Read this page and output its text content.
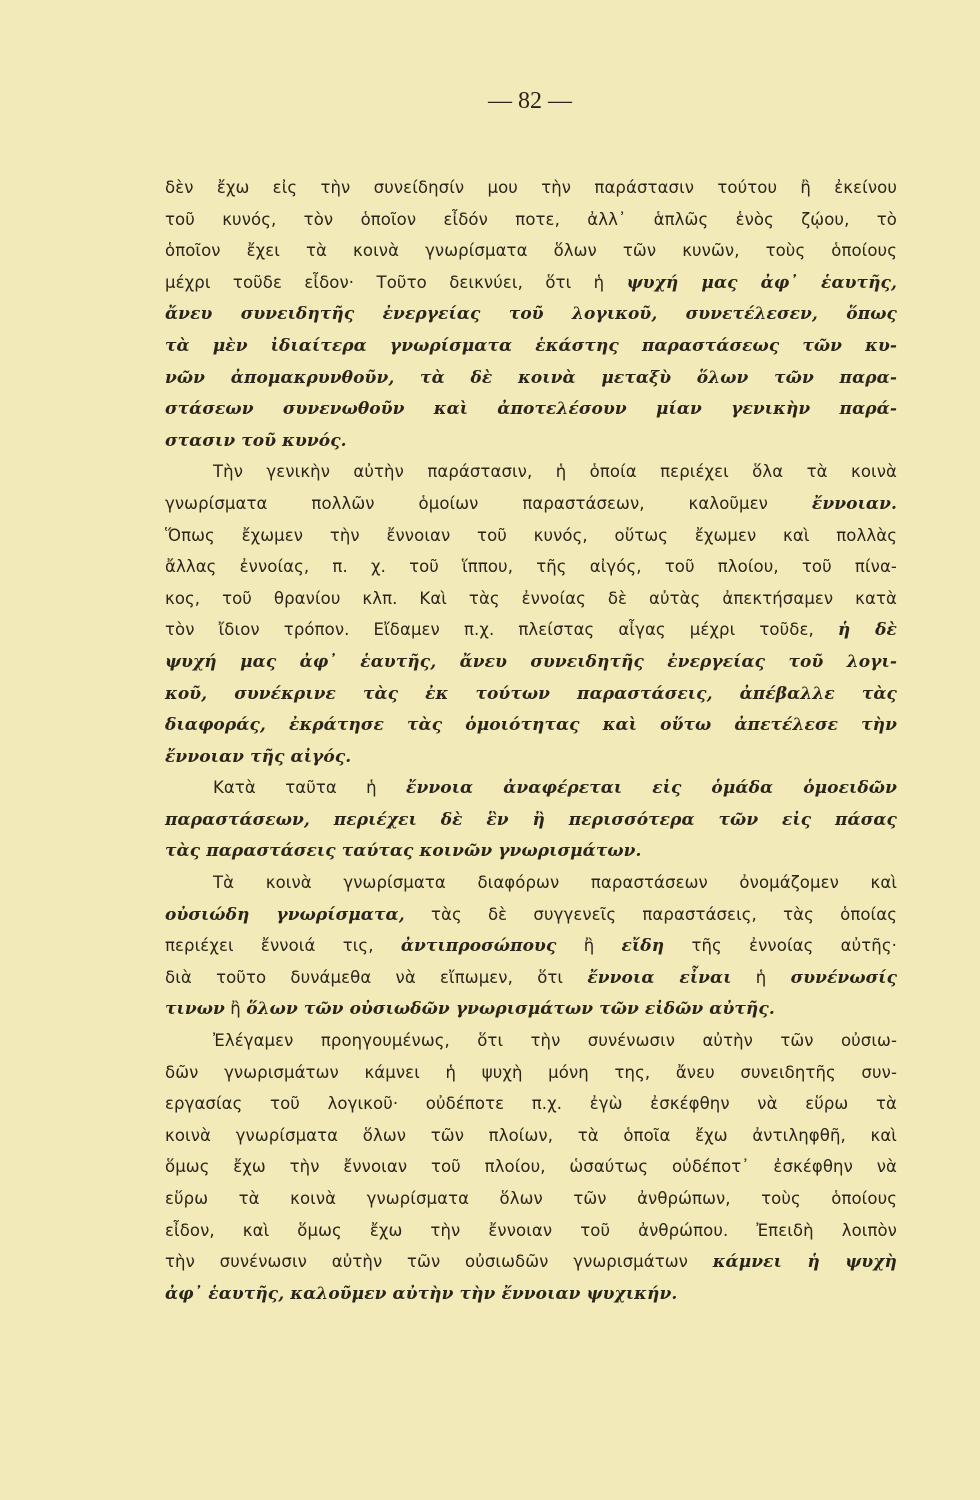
— 82 —
δὲν ἔχω εἰς τὴν συνείδησίν μου τὴν παράστασιν τούτου ἢ ἐκείνου
τοῦ κυνός, τὸν ὁποῖον εἶδόν ποτε, ἀλλ᾽ ἁπλῶς ἑνὸς ζῴου, τὸ
ὁποῖον ἔχει τὰ κοινὰ γνωρίσματα ὅλων τῶν κυνῶν, τοὺς ὁποίους
μέχρι τοῦδε εἶδον· Τοῦτο δεικνύει, ὅτι ἡ ψυχή μας ἀφ᾽ ἑαυτῆς,
ἄνευ συνειδητῆς ἐνεργείας τοῦ λογικοῦ, συνετέλεσεν, ὅπως
τὰ μὲν ἰδιαίτερα γνωρίσματα ἑκάστης παραστάσεως τῶν κυ-
νῶν ἀπομακρυνθοῦν, τὰ δὲ κοινὰ μεταξὺ ὅλων τῶν παρα-
στάσεων συνενωθοῦν καὶ ἀποτελέσουν μίαν γενικὴν παρά-
στασιν τοῦ κυνός.
Τὴν γενικὴν αὐτὴν παράστασιν, ἡ ὁποία περιέχει ὅλα τὰ κοινὰ
γνωρίσματα πολλῶν ὁμοίων παραστάσεων, καλοῦμεν ἔννοιαν.
Ὅπως ἔχωμεν τὴν ἔννοιαν τοῦ κυνός, οὕτως ἔχωμεν καὶ πολλὰς
ἄλλας ἐννοίας, π. χ. τοῦ ἵππου, τῆς αἰγός, τοῦ πλοίου, τοῦ πίνα-
κος, τοῦ θρανίου κλπ. Καὶ τὰς ἐννοίας δὲ αὐτὰς ἀπεκτήσαμεν κατὰ
τὸν ἴδιον τρόπον. Εἴδαμεν π.χ. πλείστας αἶγας μέχρι τοῦδε, ἡ δὲ
ψυχή μας ἀφ᾽ ἑαυτῆς, ἄνευ συνειδητῆς ἐνεργείας τοῦ λογι-
κοῦ, συνέκρινε τὰς ἐκ τούτων παραστάσεις, ἀπέβαλλε τὰς
διαφοράς, ἐκράτησε τὰς ὁμοιότητας καὶ οὕτω ἀπετέλεσε τὴν
ἔννοιαν τῆς αἰγός.
Κατὰ ταῦτα ἡ ἔννοια ἀναφέρεται εἰς ὁμάδα ὁμοειδῶν
παραστάσεων, περιέχει δὲ ἓν ἢ περισσότερα τῶν εἰς πάσας
τὰς παραστάσεις ταύτας κοινῶν γνωρισμάτων.
Τὰ κοινὰ γνωρίσματα διαφόρων παραστάσεων ὀνομάζομεν καὶ
οὐσιώδη γνωρίσματα, τὰς δὲ συγγενεῖς παραστάσεις, τὰς ὁποίας
περιέχει ἔννοιά τις, ἀντιπροσώπους ἢ εἴδη τῆς ἐννοίας αὐτῆς·
διὰ τοῦτο δυνάμεθα νὰ εἴπωμεν, ὅτι ἔννοια εἶναι ἡ συνένωσίς
τινων ἢ ὅλων τῶν οὐσιωδῶν γνωρισμάτων τῶν εἰδῶν αὐτῆς.
Ἐλέγαμεν προηγουμένως, ὅτι τὴν συνένωσιν αὐτὴν τῶν οὐσιω-
δῶν γνωρισμάτων κάμνει ἡ ψυχὴ μόνη της, ἄνευ συνειδητῆς συν-
εργασίας τοῦ λογικοῦ· οὐδέποτε π.χ. ἐγὼ ἐσκέφθην νὰ εὕρω τὰ
κοινὰ γνωρίσματα ὅλων τῶν πλοίων, τὰ ὁποῖα ἔχω ἀντιληφθῆ, καὶ
ὅμως ἔχω τὴν ἔννοιαν τοῦ πλοίου, ὡσαύτως οὐδέποτ᾽ ἐσκέφθην νὰ
εὕρω τὰ κοινὰ γνωρίσματα ὅλων τῶν ἀνθρώπων, τοὺς ὁποίους
εἶδον, καὶ ὅμως ἔχω τὴν ἔννοιαν τοῦ ἀνθρώπου. Ἐπειδὴ λοιπὸν
τὴν συνένωσιν αὐτὴν τῶν οὐσιωδῶν γνωρισμάτων κάμνει ἡ ψυχὴ
ἀφ᾽ ἑαυτῆς, καλοῦμεν αὐτὴν τὴν ἔννοιαν ψυχικήν.
